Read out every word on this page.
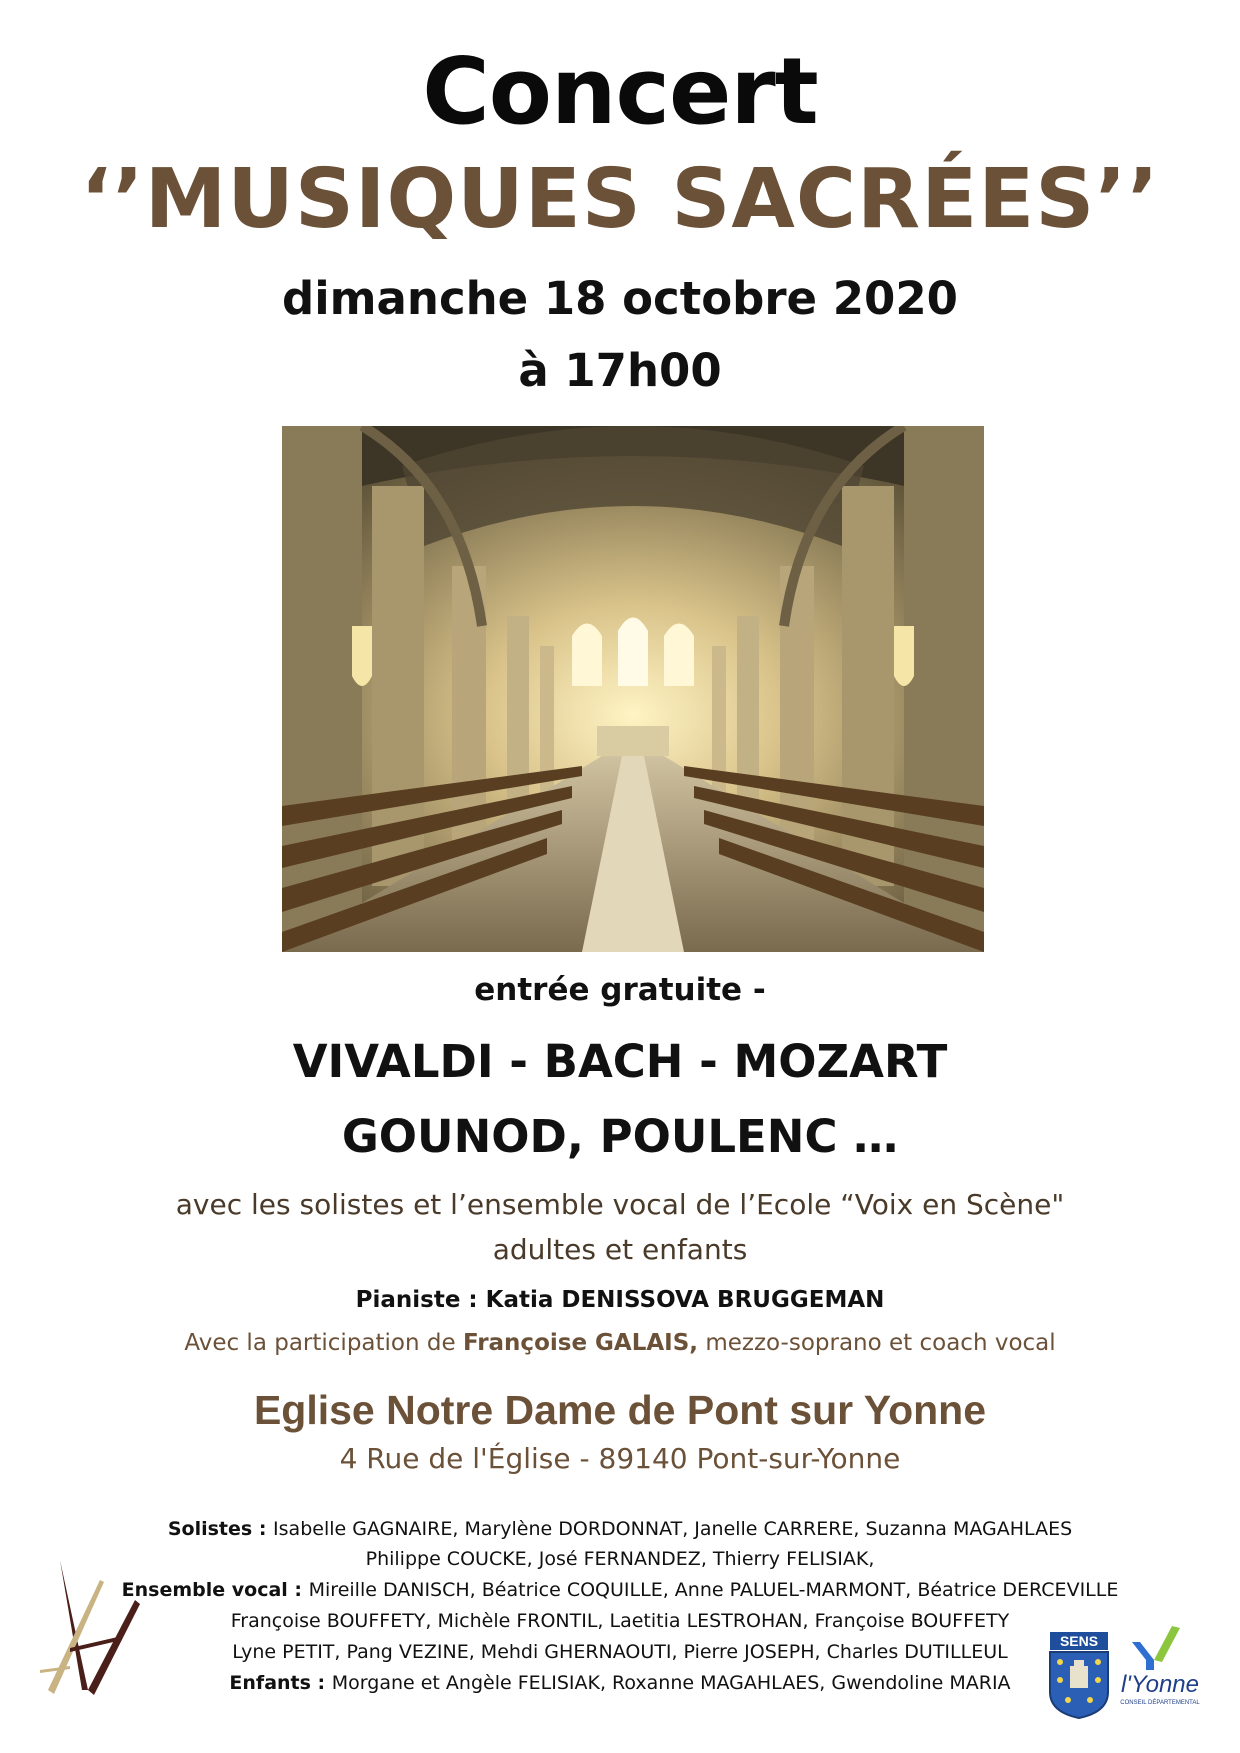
Concert
‘’MUSIQUES SACRÉES’’
dimanche 18 octobre 2020
à 17h00
entrée gratuite -
VIVALDI - BACH - MOZART
GOUNOD, POULENC …
avec les solistes et l’ensemble vocal de l’Ecole “Voix en Scène"
adultes et enfants
Pianiste : Katia DENISSOVA BRUGGEMAN
Avec la participation de Françoise GALAIS, mezzo-soprano et coach vocal
Eglise Notre Dame de Pont sur Yonne
4 Rue de l'Église - 89140 Pont-sur-Yonne
Solistes : Isabelle GAGNAIRE, Marylène DORDONNAT, Janelle CARRERE, Suzanna MAGAHLAES
Philippe COUCKE, José FERNANDEZ, Thierry FELISIAK,
Ensemble vocal : Mireille DANISCH, Béatrice COQUILLE, Anne PALUEL-MARMONT, Béatrice DERCEVILLE
Françoise BOUFFETY, Michèle FRONTIL, Laetitia LESTROHAN, Françoise BOUFFETY
Lyne PETIT, Pang VEZINE, Mehdi GHERNAOUTI, Pierre JOSEPH, Charles DUTILLEUL
Enfants : Morgane et Angèle FELISIAK, Roxanne MAGAHLAES, Gwendoline MARIA
SENS
l'Yonne
CONSEIL DÉPARTEMENTAL
